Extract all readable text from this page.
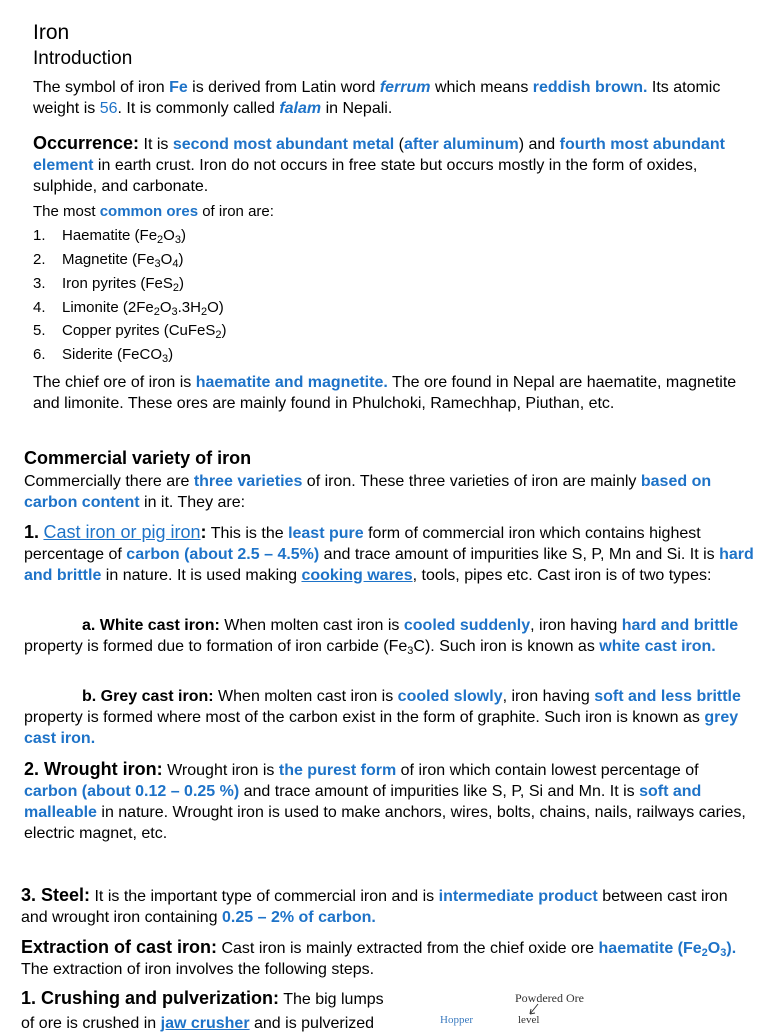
Iron
Introduction
The symbol of iron Fe is derived from Latin word ferrum which means reddish brown. Its atomic weight is 56. It is commonly called falam in Nepali.
Occurrence: It is second most abundant metal (after aluminum) and fourth most abundant element in earth crust. Iron do not occurs in free state but occurs mostly in the form of oxides, sulphide, and carbonate.
The most common ores of iron are:
1. Haematite $(Fe_2O_3)$
2. Magnetite $(Fe_3O_4)$
3. Iron pyrites (FeS$_2$)
4. Limonite $(2Fe_2O_3.3H_2O)$
5. Copper pyrites (CuFeS$_2$)
6. Siderite (FeCO$_3$)
The chief ore of iron is haematite and magnetite. The ore found in Nepal are haematite, magnetite and limonite. These ores are mainly found in Phulchoki, Ramechhap, Piuthan, etc.
Commercial variety of iron
Commercially there are three varieties of iron. These three varieties of iron are mainly based on carbon content in it. They are:
1. Cast iron or pig iron: This is the least pure form of commercial iron which contains highest percentage of carbon (about 2.5 – 4.5%) and trace amount of impurities like S, P, Mn and Si. It is hard and brittle in nature. It is used making cooking wares, tools, pipes etc. Cast iron is of two types:
a. White cast iron: When molten cast iron is cooled suddenly, iron having hard and brittle property is formed due to formation of iron carbide $(Fe_3C)$. Such iron is known as white cast iron.
b. Grey cast iron: When molten cast iron is cooled slowly, iron having soft and less brittle property is formed where most of the carbon exist in the form of graphite. Such iron is known as grey cast iron.
2. Wrought iron: Wrought iron is the purest form of iron which contain lowest percentage of carbon (about 0.12 – 0.25 %) and trace amount of impurities like S, P, Si and Mn. It is soft and malleable in nature. Wrought iron is used to make anchors, wires, bolts, chains, nails, railways caries, electric magnet, etc.
3. Steel: It is the important type of commercial iron and is intermediate product between cast iron and wrought iron containing 0.25 – 2% of carbon.
Extraction of cast iron: Cast iron is mainly extracted from the chief oxide ore haematite $(Fe_2O_3)$. The extraction of iron involves the following steps.
1. Crushing and pulverization: The big lumps
of ore is crushed in jaw crusher and is pulverized
Powdered Ore
Hopper	level
